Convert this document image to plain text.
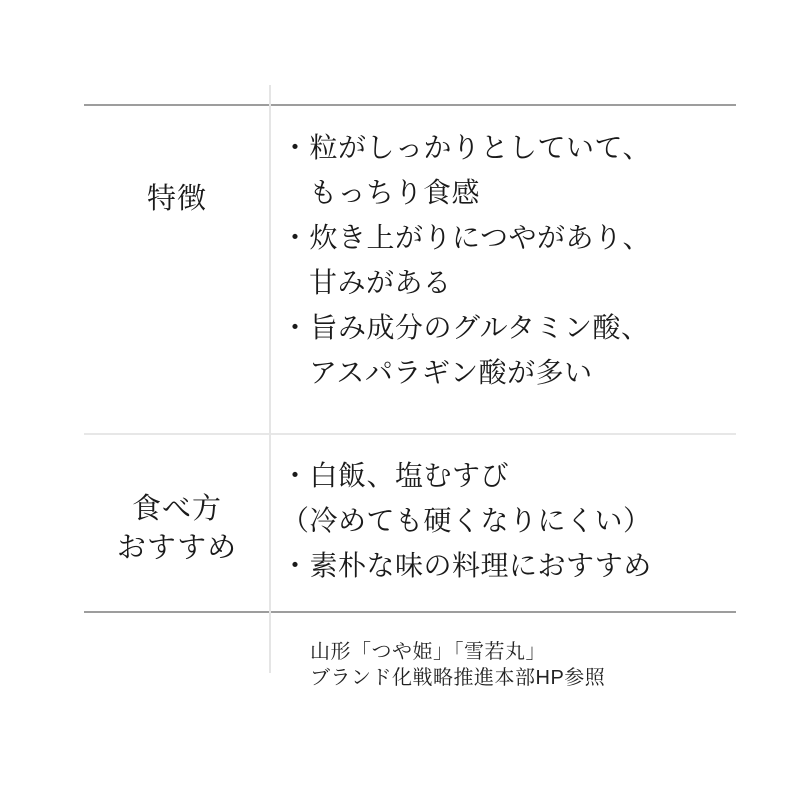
特徴
・粒がしっかりとしていて、
もっちり食感
・炊き上がりにつやがあり、
甘みがある
・旨み成分のグルタミン酸、
アスパラギン酸が多い
食べ方
おすすめ
・白飯、塩むすび
（冷めても硬くなりにくい）
・素朴な味の料理におすすめ
山形「つや姫」「雪若丸」
ブランド化戦略推進本部HP参照
